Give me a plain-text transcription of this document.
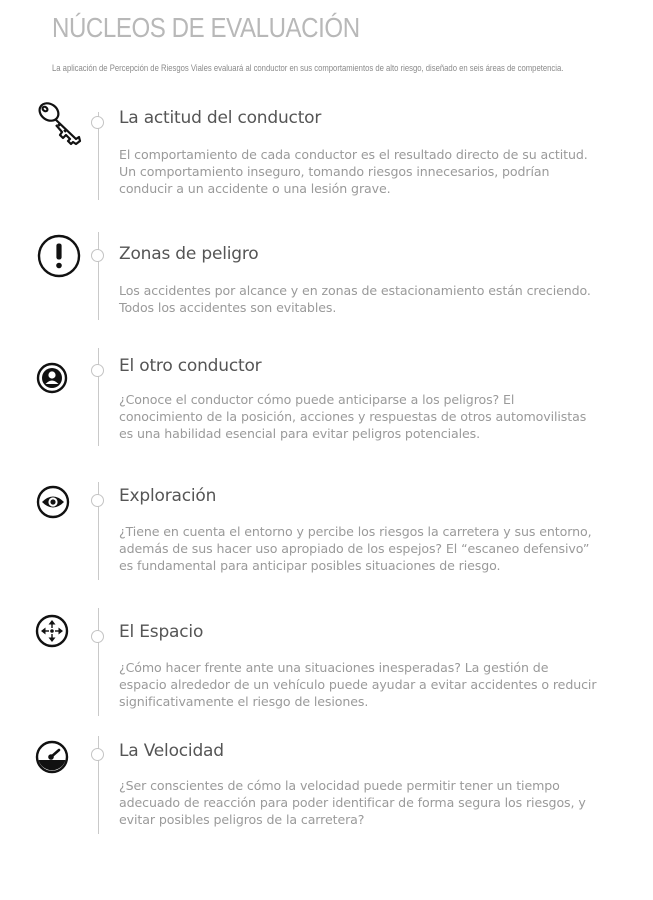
NÚCLEOS DE EVALUACIÓN
La aplicación de Percepción de Riesgos Viales evaluará al conductor en sus comportamientos de alto riesgo, diseñado en seis áreas de competencia.
La actitud del conductor
El comportamiento de cada conductor es el resultado directo de su actitud. Un comportamiento inseguro, tomando riesgos innecesarios, podrían conducir a un accidente o una lesión grave.
Zonas de peligro
Los accidentes por alcance y en zonas de estacionamiento están creciendo. Todos los accidentes son evitables.
El otro conductor
¿Conoce el conductor cómo puede anticiparse a los peligros? El conocimiento de la posición, acciones y respuestas de otros automovilistas es una habilidad esencial para evitar peligros potenciales.
Exploración
¿Tiene en cuenta el entorno y percibe los riesgos la carretera y sus entorno, además de sus hacer uso apropiado de los espejos? El “escaneo defensivo” es fundamental para anticipar posibles situaciones de riesgo.
El Espacio
¿Cómo hacer frente ante una situaciones inesperadas? La gestión de espacio alrededor de un vehículo puede ayudar a evitar accidentes o reducir significativamente el riesgo de lesiones.
La Velocidad
¿Ser conscientes de cómo la velocidad puede permitir tener un tiempo adecuado de reacción para poder identificar de forma segura los riesgos, y evitar posibles peligros de la carretera?
